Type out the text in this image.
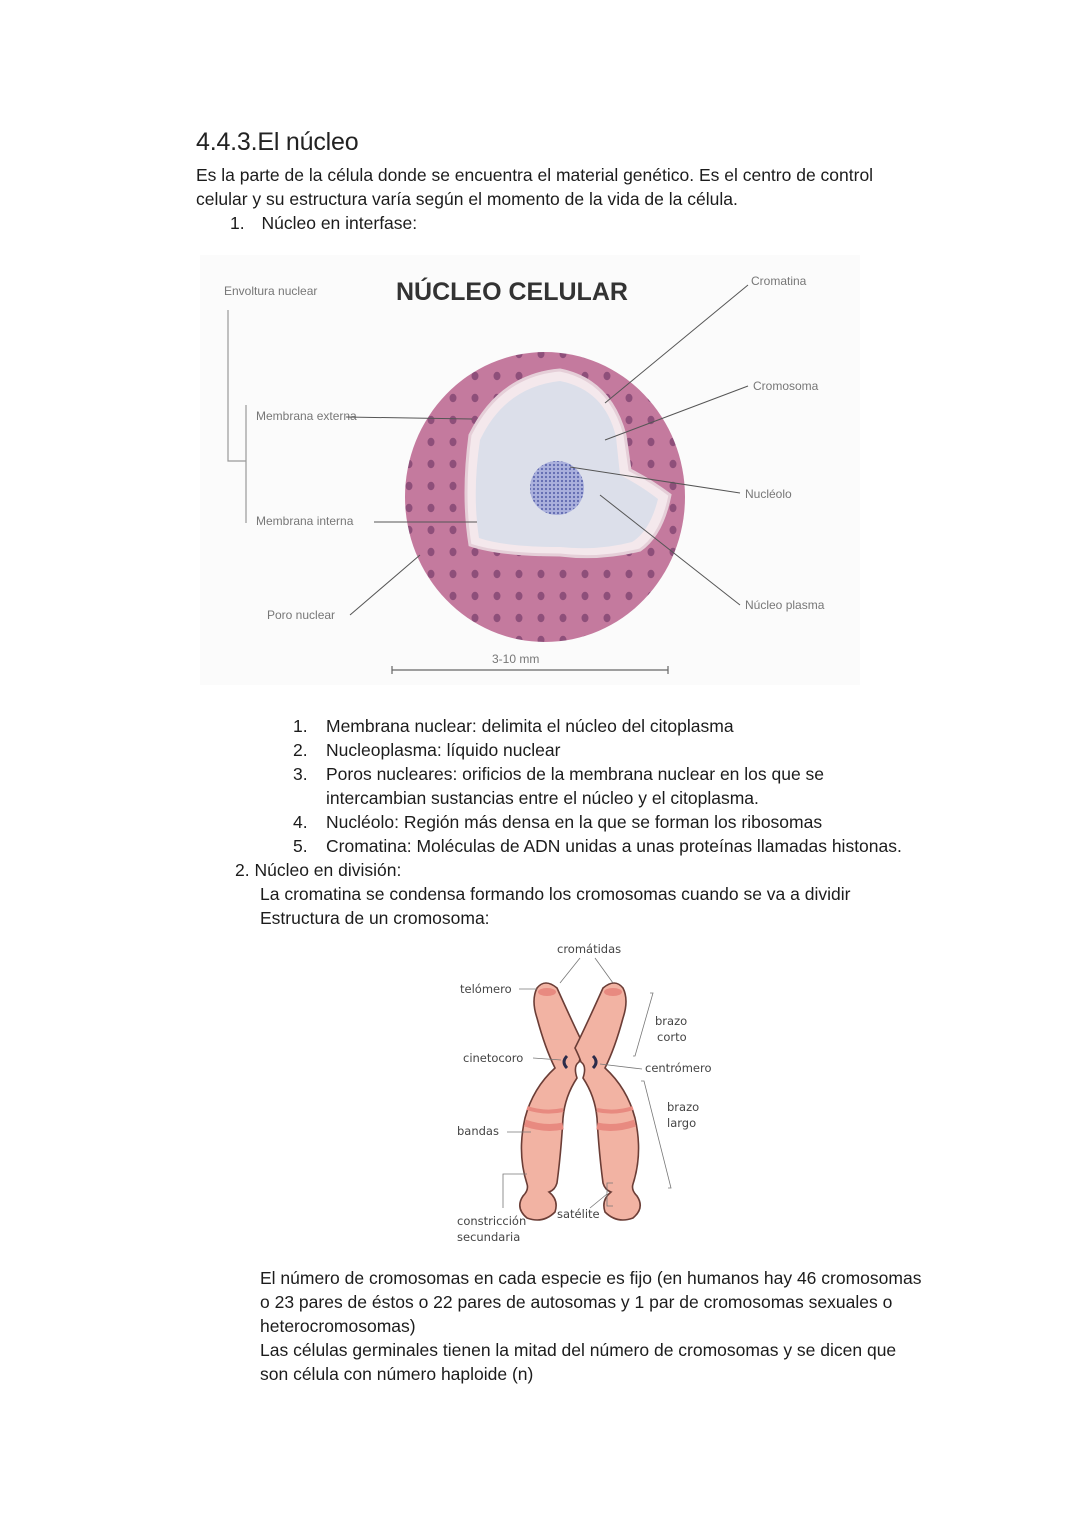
4.4.3.El núcleo
Es la parte de la célula donde se encuentra el material genético. Es el centro de control
celular y su estructura varía según el momento de la vida de la célula.
1. Núcleo en interfase:
NÚCLEO CELULAR
Envoltura nuclear
Membrana externa
Membrana interna
Poro nuclear
Cromatina
Cromosoma
Nucléolo
Núcleo plasma
3-10 mm
1. Membrana nuclear: delimita el núcleo del citoplasma
2. Nucleoplasma: líquido nuclear
3. Poros nucleares: orificios de la membrana nuclear en los que se
intercambian sustancias entre el núcleo y el citoplasma.
4. Nucléolo: Región más densa en la que se forman los ribosomas
5. Cromatina: Moléculas de ADN unidas a unas proteínas llamadas histonas.
2. Núcleo en división:
La cromatina se condensa formando los cromosomas cuando se va a dividir
Estructura de un cromosoma:
cromátidas
telómero
brazo
corto
cinetocoro
centrómero
brazo
largo
bandas
constricción
secundaria
satélite
El número de cromosomas en cada especie es fijo (en humanos hay 46 cromosomas
o 23 pares de éstos o 22 pares de autosomas y 1 par de cromosomas sexuales o
heterocromosomas)
Las células germinales tienen la mitad del número de cromosomas y se dicen que
son célula con número haploide (n)
